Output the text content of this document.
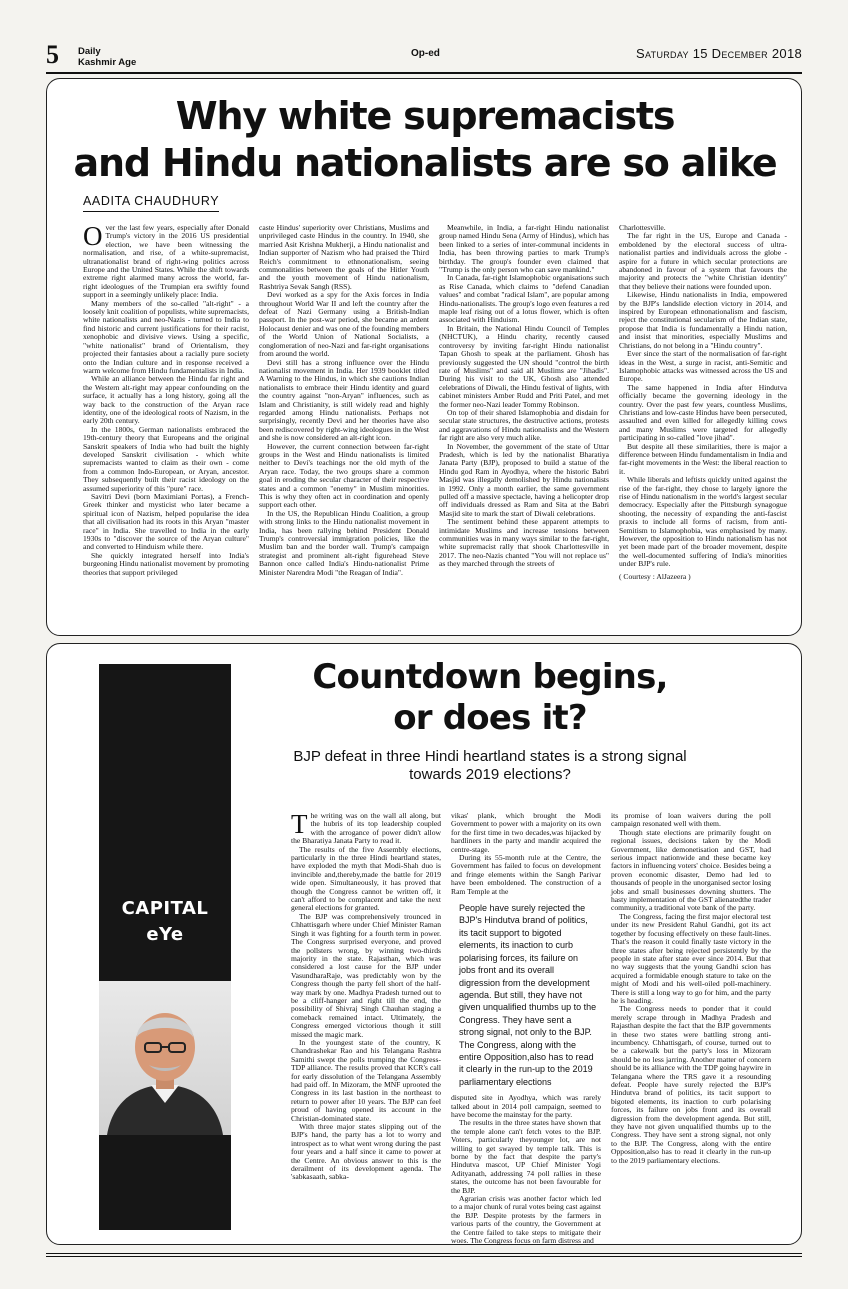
5 Daily
Kashmir Age
Op-ed	Saturday 15 December 2018
Why white supremacists
and Hindu nationalists are so alike
AADITA CHAUDHURY

Over the last few years, especially after Donald Trump's victory in the 2016 US presidential election, we have been witnessing the normalisation, and rise, of a white-supremacist, ultranationalist brand of right-wing politics across Europe and the United States. While the shift towards extreme right alarmed many across the world, far-right ideologues of the Trumpian era swiftly found support in a seemingly unlikely place: India.

Many members of the so-called "alt-right" - a loosely knit coalition of populists, white supremacists, white nationalists and neo-Nazis - turned to India to find historic and current justifications for their racist, xenophobic and divisive views. Using a specific, "white nationalist" brand of Orientalism, they projected their fantasies about a racially pure society onto the Indian culture and in response received a warm welcome from Hindu fundamentalists in India.

While an alliance between the Hindu far right and the Western alt-right may appear confounding on the surface, it actually has a long history, going all the way back to the construction of the Aryan race identity, one of the ideological roots of Nazism, in the early 20th century.

In the 1800s, German nationalists embraced the 19th-century theory that Europeans and the original Sanskrit speakers of India who had built the highly developed Sanskrit civilisation - which white supremacists wanted to claim as their own - come from a common Indo-European, or Aryan, ancestor. They subsequently built their racist ideology on the assumed superiority of this "pure" race.

Savitri Devi (born Maximiani Portas), a French-Greek thinker and mysticist who later became a spiritual icon of Nazism, helped popularise the idea that all civilisation had its roots in this Aryan "master race" in India. She travelled to India in the early 1930s to "discover the source of the Aryan culture" and converted to Hinduism while there.

She quickly integrated herself into India's burgeoning Hindu nationalist movement by promoting theories that support privileged

caste Hindus' superiority over Christians, Muslims and unprivileged caste Hindus in the country. In 1940, she married Asit Krishna Mukherji, a Hindu nationalist and Indian supporter of Nazism who had praised the Third Reich's commitment to ethnonationalism, seeing commonalities between the goals of the Hitler Youth and the youth movement of Hindu nationalism, Rashtriya Sevak Sangh (RSS).

Devi worked as a spy for the Axis forces in India throughout World War II and left the country after the defeat of Nazi Germany using a British-Indian passport. In the post-war period, she became an ardent Holocaust denier and was one of the founding members of the World Union of National Socialists, a conglomeration of neo-Nazi and far-right organisations from around the world.

Devi still has a strong influence over the Hindu nationalist movement in India. Her 1939 booklet titled A Warning to the Hindus, in which she cautions Indian nationalists to embrace their Hindu identity and guard the country against "non-Aryan" influences, such as Islam and Christianity, is still widely read and highly regarded among Hindu nationalists. Perhaps not surprisingly, recently Devi and her theories have also been rediscovered by right-wing ideologues in the West and she is now considered an alt-right icon.

However, the current connection between far-right groups in the West and Hindu nationalists is limited neither to Devi's teachings nor the old myth of the Aryan race. Today, the two groups share a common goal in eroding the secular character of their respective states and a common "enemy" in Muslim minorities. This is why they often act in coordination and openly support each other.

In the US, the Republican Hindu Coalition, a group with strong links to the Hindu nationalist movement in India, has been rallying behind President Donald Trump's controversial immigration policies, like the Muslim ban and the border wall. Trump's campaign strategist and prominent alt-right figurehead Steve Bannon once called India's Hindu-nationalist Prime Minister Narendra Modi "the Reagan of India".

Meanwhile, in India, a far-right Hindu nationalist group named Hindu Sena (Army of Hindus), which has been linked to a series of inter-communal incidents in India, has been throwing parties to mark Trump's birthday. The group's founder even claimed that "Trump is the only person who can save mankind."

In Canada, far-right Islamophobic organisations such as Rise Canada, which claims to "defend Canadian values" and combat "radical Islam", are popular among Hindu-nationalists. The group's logo even features a red maple leaf rising out of a lotus flower, which is often associated with Hinduism.

In Britain, the National Hindu Council of Temples (NHCTUK), a Hindu charity, recently caused controversy by inviting far-right Hindu nationalist Tapan Ghosh to speak at the parliament. Ghosh has previously suggested the UN should "control the birth rate of Muslims" and said all Muslims are "Jihadis". During his visit to the UK, Ghosh also attended celebrations of Diwali, the Hindu festival of lights, with cabinet ministers Amber Rudd and Priti Patel, and met the former neo-Nazi leader Tommy Robinson.

On top of their shared Islamophobia and disdain for secular state structures, the destructive actions, protests and aggravations of Hindu nationalists and the Western far right are also very much alike.

In November, the government of the state of Uttar Pradesh, which is led by the nationalist Bharatiya Janata Party (BJP), proposed to build a statue of the Hindu god Ram in Ayodhya, where the historic Babri Masjid was illegally demolished by Hindu nationalists in 1992. Only a month earlier, the same government pulled off a massive spectacle, having a helicopter drop off individuals dressed as Ram and Sita at the Babri Masjid site to mark the start of Diwali celebrations.

The sentiment behind these apparent attempts to intimidate Muslims and increase tensions between communities was in many ways similar to the far-right, white supremacist rally that shook Charlottesville in 2017. The neo-Nazis chanted "You will not replace us" as they marched through the streets of

Charlottesville.

The far right in the US, Europe and Canada - emboldened by the electoral success of ultra-nationalist parties and individuals across the globe - aspire for a future in which secular protections are abandoned in favour of a system that favours the majority and protects the "white Christian identity" that they believe their nations were founded upon.

Likewise, Hindu nationalists in India, empowered by the BJP's landslide election victory in 2014, and inspired by European ethnonationalism and fascism, reject the constitutional secularism of the Indian state, propose that India is fundamentally a Hindu nation, and insist that minorities, especially Muslims and Christians, do not belong in a "Hindu country".

Ever since the start of the normalisation of far-right ideas in the West, a surge in racist, anti-Semitic and Islamophobic attacks was witnessed across the US and Europe.

The same happened in India after Hindutva officially became the governing ideology in the country. Over the past few years, countless Muslims, Christians and low-caste Hindus have been persecuted, assaulted and even killed for allegedly killing cows and many Muslims were targeted for allegedly participating in so-called "love jihad".

But despite all these similarities, there is major a difference between Hindu fundamentalism in India and far-right movements in the West: the liberal reaction to it.

While liberals and leftists quickly united against the rise of the far-right, they chose to largely ignore the rise of Hindu nationalism in the world's largest secular democracy. Especially after the Pittsburgh synagogue shooting, the necessity of expanding the anti-fascist praxis to include all forms of racism, from anti-Semitism to Islamophobia, was emphasised by many. However, the opposition to Hindu nationalism has not yet been made part of the broader movement, despite the well-documented suffering of India's minorities under BJP's rule.

( Courtesy : AlJazeera )

CAPITAL
eYe
Countdown begins,
or does it?
BJP defeat in three Hindi heartland states is a strong signal
towards 2019 elections?

The writing was on the wall all along, but the hubris of its top leadership coupled with the arrogance of power didn't allow the Bharatiya Janata Party to read it.

The results of the five Assembly elections, particularly in the three Hindi heartland states, have exploded the myth that Modi-Shah duo is invincible and,thereby,made the battle for 2019 wide open. Simultaneously, it has proved that though the Congress cannot be written off, it can't afford to be complacent and take the next general elections for granted.

The BJP was comprehensively trounced in Chhattisgarh where under Chief Minister Raman Singh it was fighting for a fourth term in power. The Congress surprised everyone, and proved the pollsters wrong, by winning two-thirds majority in the state. Rajasthan, which was considered a lost cause for the BJP under VasundharaRaje, was predictably won by the Congress though the party fell short of the half-way mark by one. Madhya Pradesh turned out to be a cliff-hanger and right till the end, the possibility of Shivraj Singh Chauhan staging a comeback remained intact. Ultimately, the Congress emerged victorious though it still missed the magic mark.

In the youngest state of the country, K Chandrashekar Rao and his Telangana Rashtra Samithi swept the polls trumping the Congress-TDP alliance. The results proved that KCR's call for early dissolution of the Telangana Assembly had paid off. In Mizoram, the MNF uprooted the Congress in its last bastion in the northeast to return to power after 10 years. The BJP can feel proud of having opened its account in the Christian-dominated state.

With three major states slipping out of the BJP's hand, the party has a lot to worry and introspect as to what went wrong during the past four years and a half since it came to power at the Centre. An obvious answer to this is the derailment of its development agenda. The 'sabkasaath, sabka-

vikas' plank, which brought the Modi Government to power with a majority on its own for the first time in two decades,was hijacked by hardliners in the party and mandir acquired the centre-stage.

During its 55-month rule at the Centre, the Government has failed to focus on development and fringe elements within the Sangh Parivar have been emboldened. The construction of a Ram Temple at the

People have surely rejected the BJP's Hindutva brand of politics, its tacit support to bigoted elements, its inaction to curb polarising forces, its failure on jobs front and its overall digression from the development agenda. But still, they have not given unqualified thumbs up to the Congress. They have sent a strong signal, not only to the BJP. The Congress, along with the entire Opposition,also has to read it clearly in the run-up to the 2019 parliamentary elections

disputed site in Ayodhya, which was rarely talked about in 2014 poll campaign, seemed to have become the mainstay for the party.

The results in the three states have shown that the temple alone can't fetch votes to the BJP. Voters, particularly theyounger lot, are not willing to get swayed by temple talk. This is borne by the fact that despite the party's Hindutva mascot, UP Chief Minister Yogi Adityanath, addressing 74 poll rallies in these states, the outcome has not been favourable for the BJP.

Agrarian crisis was another factor which led to a major chunk of rural votes being cast against the BJP. Despite protests by the farmers in various parts of the country, the Government at the Centre failed to take steps to mitigate their woes. The Congress focus on farm distress and

its promise of loan waivers during the poll campaign resonated well with them.

Though state elections are primarily fought on regional issues, decisions taken by the Modi Government, like demonetisation and GST, had serious impact nationwide and these became key factors in influencing voters' choice. Besides being a proven economic disaster, Demo had led to thousands of people in the unorganised sector losing jobs and small businesses downing shutters. The hasty implementation of the GST alienatedthe trader community, a traditional vote bank of the party.

The Congress, facing the first major electoral test under its new President Rahul Gandhi, got its act together by focusing effectively on these fault-lines. That's the reason it could finally taste victory in the three states after being rejected persistently by the people in state after state ever since 2014. But that no way suggests that the young Gandhi scion has acquired a formidable enough stature to take on the might of Modi and his well-oiled poll-machinery. There is still a long way to go for him, and the party he is heading.

The Congress needs to ponder that it could merely scrape through in Madhya Pradesh and Rajasthan despite the fact that the BJP governments in these two states were battling strong anti-incumbency. Chhattisgarh, of course, turned out to be a cakewalk but the party's loss in Mizoram should be no less jarring. Another matter of concern should be its alliance with the TDP going haywire in Telangana where the TRS gave it a resounding defeat. People have surely rejected the BJP's Hindutva brand of politics, its tacit support to bigoted elements, its inaction to curb polarising forces, its failure on jobs front and its overall digression from the development agenda. But still, they have not given unqualified thumbs up to the Congress. They have sent a strong signal, not only to the BJP. The Congress, along with the entire Opposition,also has to read it clearly in the run-up to the 2019 parliamentary elections.
